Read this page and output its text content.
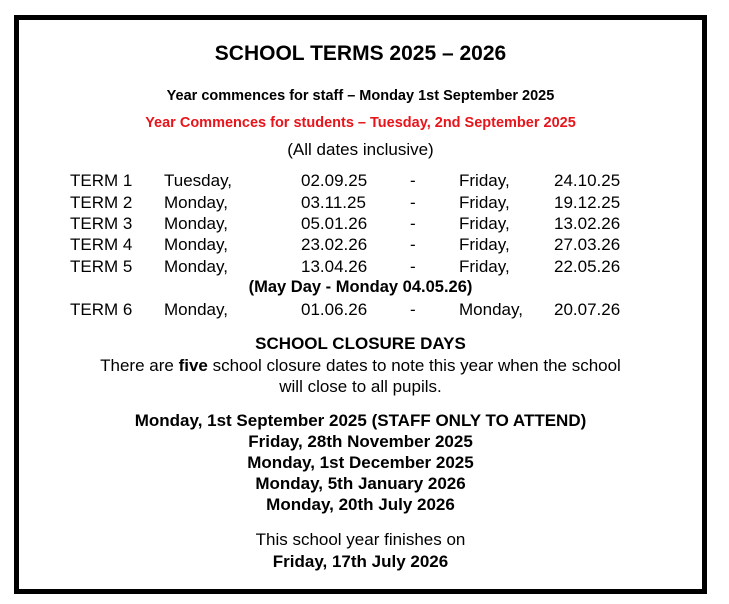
SCHOOL TERMS 2025 – 2026
Year commences for staff – Monday 1st September 2025
Year Commences for students – Tuesday, 2nd September 2025
(All dates inclusive)
TERM 1 Tuesday,	02.09.25	-	Friday,	24.10.25
TERM 2 Monday,	03.11.25	-	Friday,	19.12.25
TERM 3 Monday,	05.01.26	-	Friday,	13.02.26
TERM 4 Monday,	23.02.26	-	Friday,	27.03.26
TERM 5 Monday,	13.04.26	-	Friday,	22.05.26
(May Day - Monday 04.05.26)
TERM 6 Monday,	01.06.26	-	Monday, 20.07.26
SCHOOL CLOSURE DAYS
There are five school closure dates to note this year when the school
will close to all pupils.
Monday, 1st September 2025 (STAFF ONLY TO ATTEND)
Friday, 28th November 2025
Monday, 1st December 2025
Monday, 5th January 2026
Monday, 20th July 2026
This school year finishes on
Friday, 17th July 2026
